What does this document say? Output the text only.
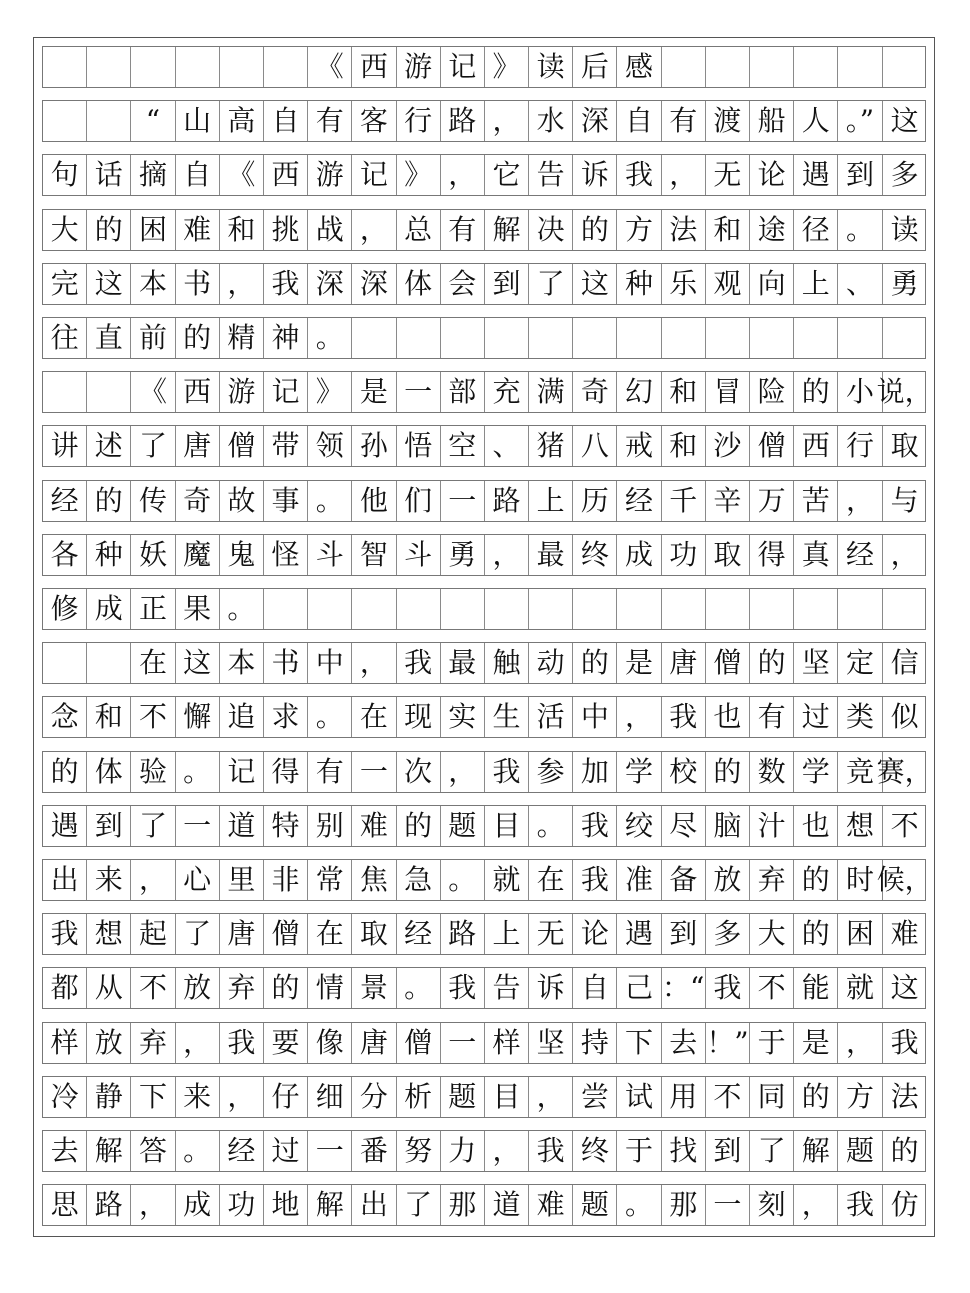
《 西 游 记 》 读 后 感
“ 山 高 自 有 客 行 路 ， 水 深 自 有 渡 船 人 。” 这
句 话 摘 自 《 西 游 记 》 ， 它 告 诉 我 ， 无 论 遇 到 多
大 的 困 难 和 挑 战 ， 总 有 解 决 的 方 法 和 途 径 。 读
完 这 本 书 ， 我 深 深 体 会 到 了 这 种 乐 观 向 上 、 勇
往 直 前 的 精 神 。
《 西 游 记 》 是 一 部 充 满 奇 幻 和 冒 险 的 小 说，
讲 述 了 唐 僧 带 领 孙 悟 空 、 猪 八 戒 和 沙 僧 西 行 取
经 的 传 奇 故 事 。 他 们 一 路 上 历 经 千 辛 万 苦 ， 与
各 种 妖 魔 鬼 怪 斗 智 斗 勇 ， 最 终 成 功 取 得 真 经 ，
修 成 正 果 。
在 这 本 书 中 ， 我 最 触 动 的 是 唐 僧 的 坚 定 信
念 和 不 懈 追 求 。 在 现 实 生 活 中 ， 我 也 有 过 类 似
的 体 验 。 记 得 有 一 次 ， 我 参 加 学 校 的 数 学 竞 赛，
遇 到 了 一 道 特 别 难 的 题 目 。 我 绞 尽 脑 汁 也 想 不
出 来 ， 心 里 非 常 焦 急 。 就 在 我 准 备 放 弃 的 时 候，
我 想 起 了 唐 僧 在 取 经 路 上 无 论 遇 到 多 大 的 困 难
都 从 不 放 弃 的 情 景 。 我 告 诉 自 己 ：“ 我 不 能 就 这
样 放 弃 ， 我 要 像 唐 僧 一 样 坚 持 下 去 ！” 于 是 ， 我
冷 静 下 来 ， 仔 细 分 析 题 目 ， 尝 试 用 不 同 的 方 法
去 解 答 。 经 过 一 番 努 力 ， 我 终 于 找 到 了 解 题 的
思 路 ， 成 功 地 解 出 了 那 道 难 题 。 那 一 刻 ， 我 仿
